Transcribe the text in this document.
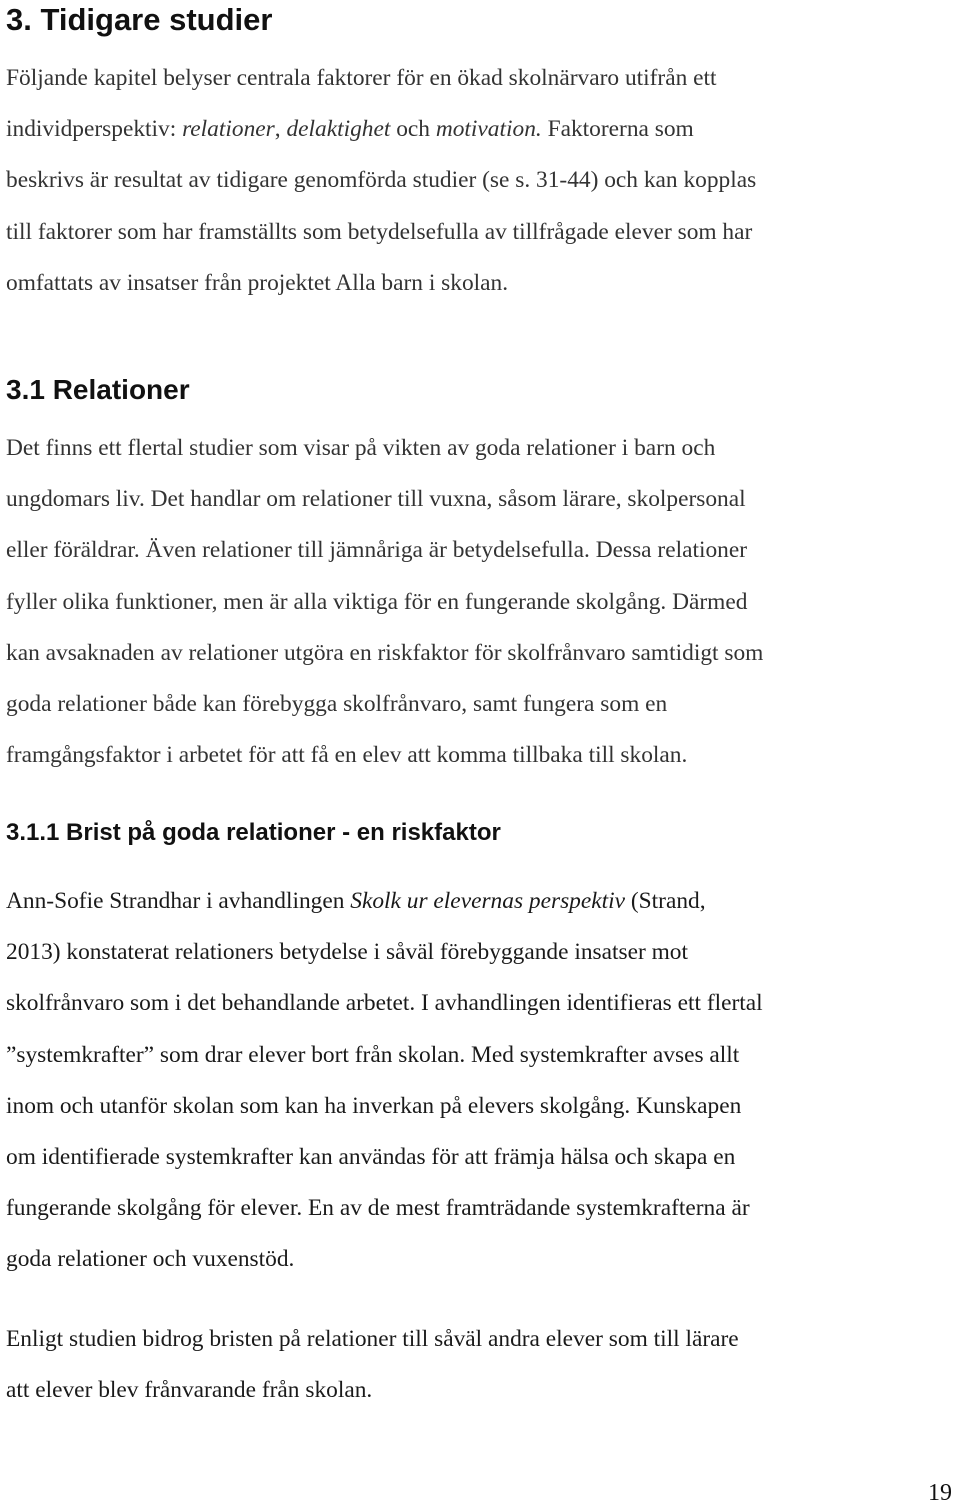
3. Tidigare studier
Följande kapitel belyser centrala faktorer för en ökad skolnärvaro utifrån ett
individperspektiv: relationer, delaktighet och motivation. Faktorerna som
beskrivs är resultat av tidigare genomförda studier (se s. 31-44) och kan kopplas
till faktorer som har framställts som betydelsefulla av tillfrågade elever som har
omfattats av insatser från projektet Alla barn i skolan.
3.1 Relationer
Det finns ett flertal studier som visar på vikten av goda relationer i barn och
ungdomars liv. Det handlar om relationer till vuxna, såsom lärare, skolpersonal
eller föräldrar. Även relationer till jämnåriga är betydelsefulla. Dessa relationer
fyller olika funktioner, men är alla viktiga för en fungerande skolgång. Därmed
kan avsaknaden av relationer utgöra en riskfaktor för skolfrånvaro samtidigt som
goda relationer både kan förebygga skolfrånvaro, samt fungera som en
framgångsfaktor i arbetet för att få en elev att komma tillbaka till skolan.
3.1.1 Brist på goda relationer - en riskfaktor
Ann-Sofie Strandhar i avhandlingen Skolk ur elevernas perspektiv (Strand,
2013) konstaterat relationers betydelse i såväl förebyggande insatser mot
skolfrånvaro som i det behandlande arbetet. I avhandlingen identifieras ett flertal
”systemkrafter” som drar elever bort från skolan. Med systemkrafter avses allt
inom och utanför skolan som kan ha inverkan på elevers skolgång. Kunskapen
om identifierade systemkrafter kan användas för att främja hälsa och skapa en
fungerande skolgång för elever. En av de mest framträdande systemkrafterna är
goda relationer och vuxenstöd.
Enligt studien bidrog bristen på relationer till såväl andra elever som till lärare
att elever blev frånvarande från skolan.
19
